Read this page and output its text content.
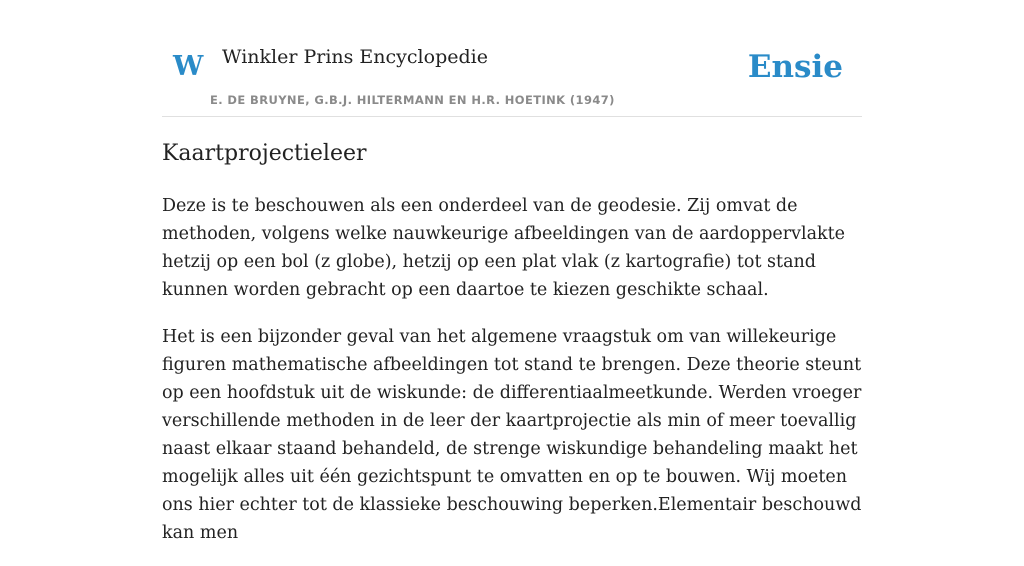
W Winkler Prins Encyclopedie
E. DE BRUYNE, G.B.J. HILTERMANN EN H.R. HOETINK (1947)
Ensie
Kaartprojectieleer

Deze is te beschouwen als een onderdeel van de geodesie. Zij omvat de methoden, volgens welke nauwkeurige afbeeldingen van de aardoppervlakte hetzij op een bol (z globe), hetzij op een plat vlak (z kartografie) tot stand kunnen worden gebracht op een daartoe te kiezen geschikte schaal.

Het is een bijzonder geval van het algemene vraagstuk om van willekeurige figuren mathematische afbeeldingen tot stand te brengen. Deze theorie steunt op een hoofdstuk uit de wiskunde: de differentiaalmeetkunde. Werden vroeger verschillende methoden in de leer der kaartprojectie als min of meer toevallig naast elkaar staand behandeld, de strenge wiskundige behandeling maakt het mogelijk alles uit één gezichtspunt te omvatten en op te bouwen. Wij moeten ons hier echter tot de klassieke beschouwing beperken.Elementair beschouwd kan men
